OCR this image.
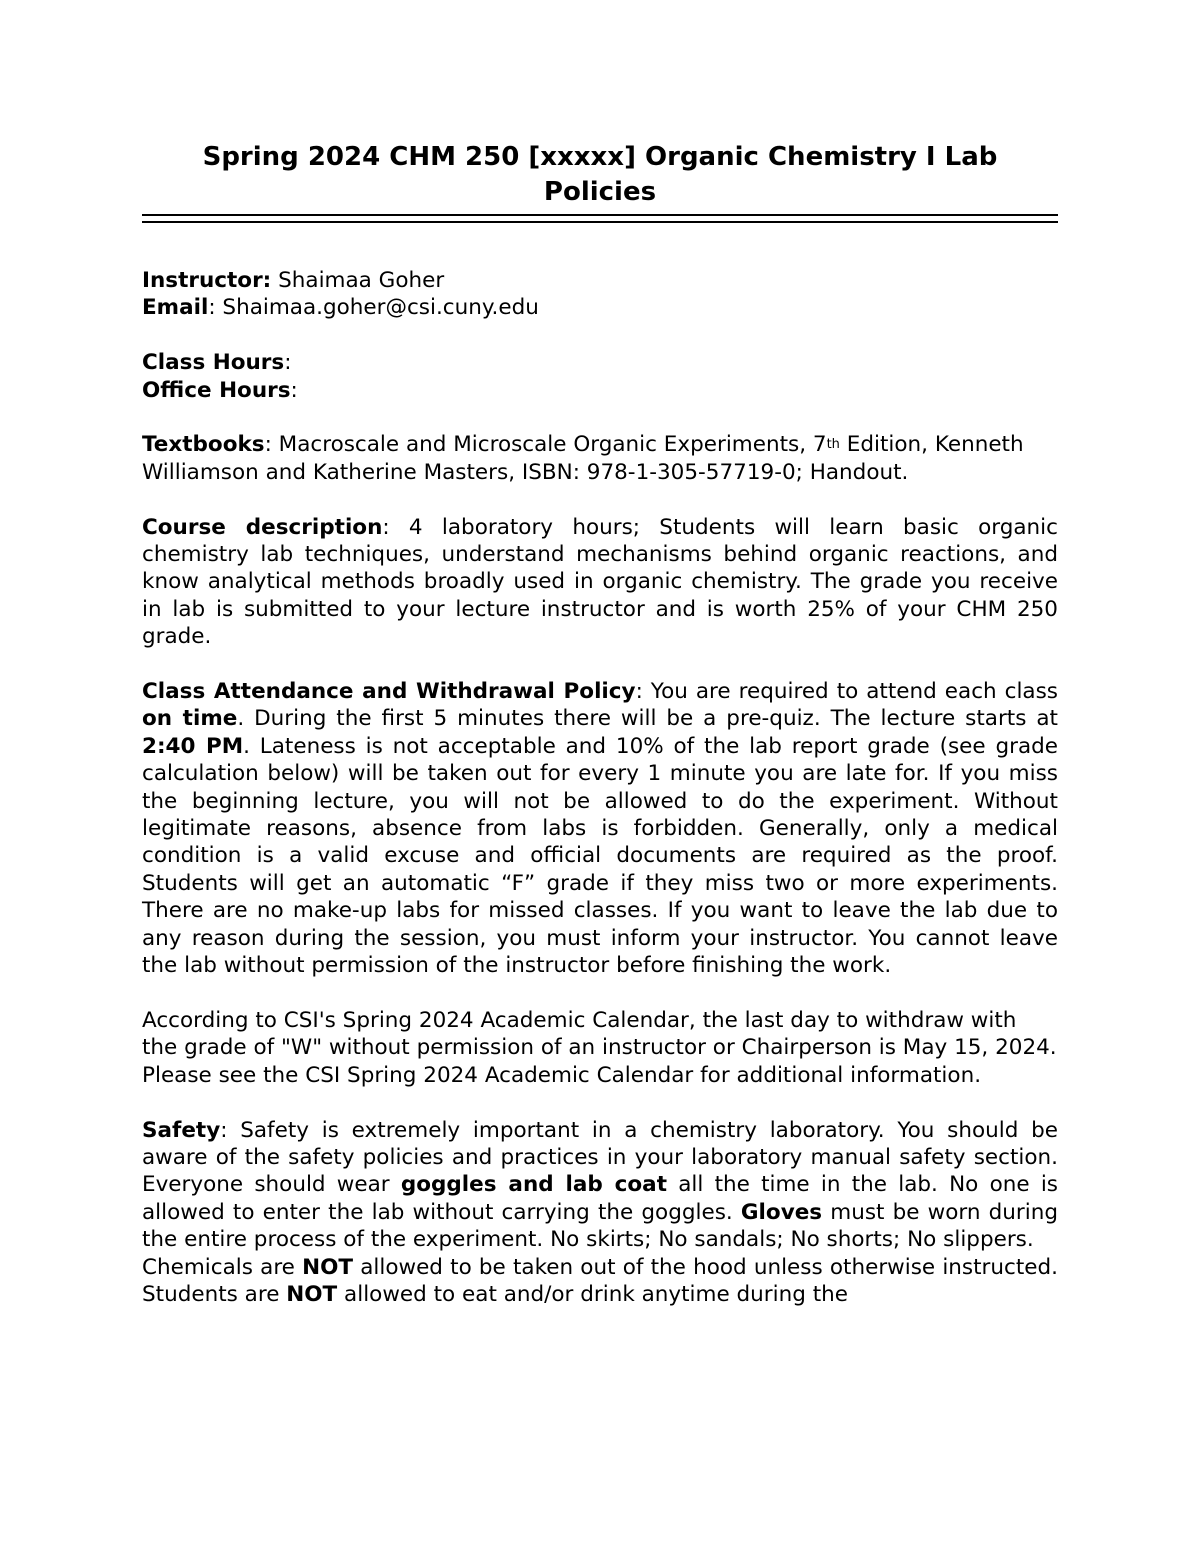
Spring 2024 CHM 250 [xxxxx] Organic Chemistry I Lab Policies

Instructor: Shaimaa Goher

Email: Shaimaa.goher@csi.cuny.edu

Class Hours:

Office Hours:

Textbooks: Macroscale and Microscale Organic Experiments, 7th Edition, Kenneth Williamson and Katherine Masters, ISBN: 978-1-305-57719-0; Handout.

Course description: 4 laboratory hours; Students will learn basic organic chemistry lab techniques, understand mechanisms behind organic reactions, and know analytical methods broadly used in organic chemistry. The grade you receive in lab is submitted to your lecture instructor and is worth 25% of your CHM 250 grade.

Class Attendance and Withdrawal Policy: You are required to attend each class on time. During the first 5 minutes there will be a pre-quiz. The lecture starts at 2:40 PM. Lateness is not acceptable and 10% of the lab report grade (see grade calculation below) will be taken out for every 1 minute you are late for. If you miss the beginning lecture, you will not be allowed to do the experiment. Without legitimate reasons, absence from labs is forbidden. Generally, only a medical condition is a valid excuse and official documents are required as the proof. Students will get an automatic “F” grade if they miss two or more experiments. There are no make-up labs for missed classes. If you want to leave the lab due to any reason during the session, you must inform your instructor. You cannot leave the lab without permission of the instructor before finishing the work.

According to CSI's Spring 2024 Academic Calendar, the last day to withdraw with the grade of "W" without permission of an instructor or Chairperson is May 15, 2024. Please see the CSI Spring 2024 Academic Calendar for additional information.

Safety: Safety is extremely important in a chemistry laboratory. You should be aware of the safety policies and practices in your laboratory manual safety section. Everyone should wear goggles and lab coat all the time in the lab. No one is allowed to enter the lab without carrying the goggles. Gloves must be worn during the entire process of the experiment. No skirts; No sandals; No shorts; No slippers.

Chemicals are NOT allowed to be taken out of the hood unless otherwise instructed. Students are NOT allowed to eat and/or drink anytime during the
